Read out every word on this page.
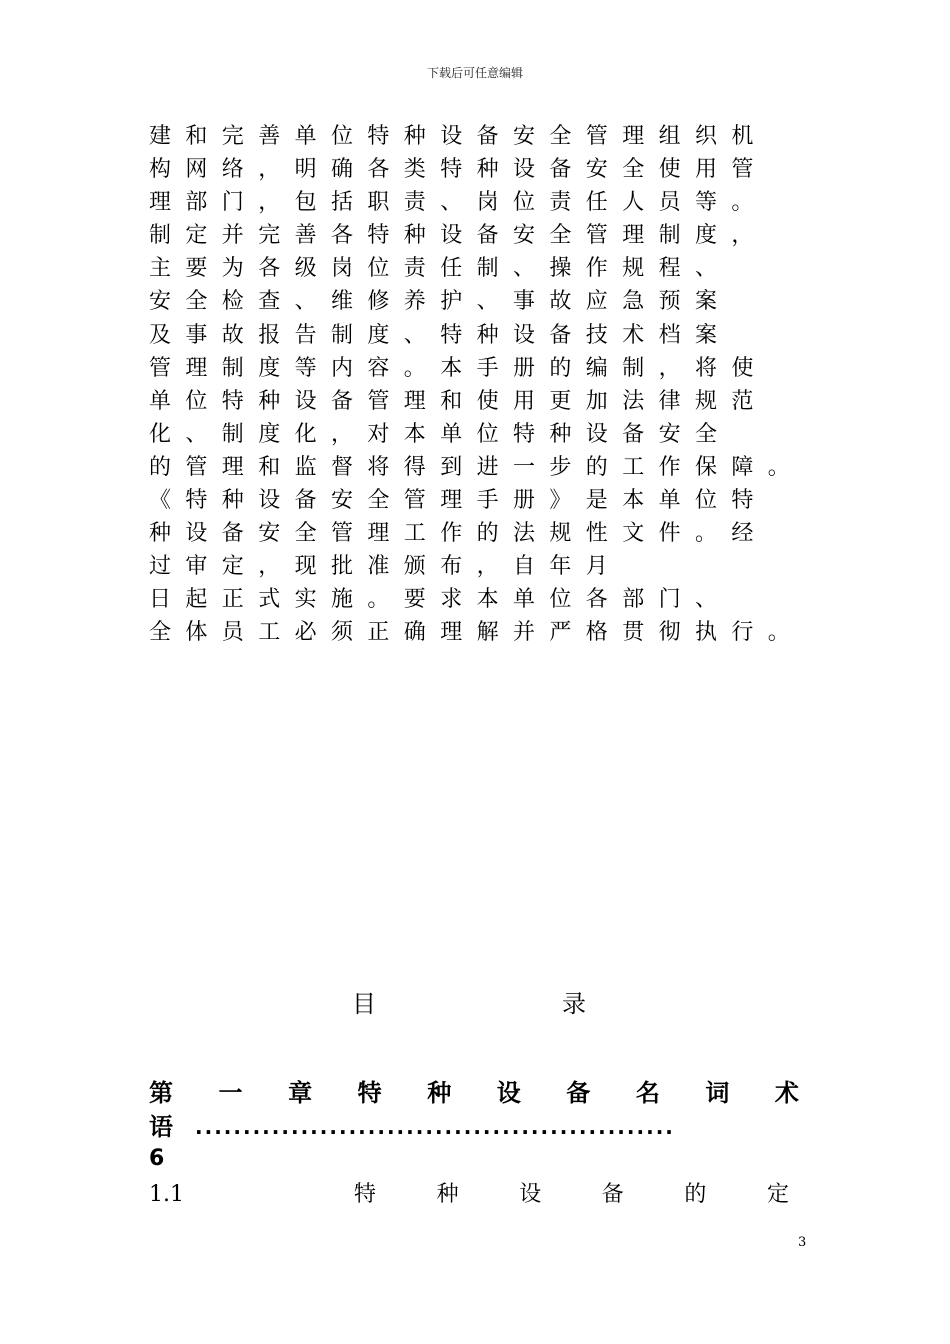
下载后可任意编辑
建 和 完 善 单 位 特 种 设 备 安 全 管 理 组 织 机
构 网 络 ， 明 确 各 类 特 种 设 备 安 全 使 用 管
理 部 门 ， 包 括 职 责 、 岗 位 责 任 人 员 等 。
制 定 并 完 善 各 特 种 设 备 安 全 管 理 制 度 ，
主 要 为 各 级 岗 位 责 任 制 、 操 作 规 程 、
安 全 检 查 、 维 修 养 护 、 事 故 应 急 预 案
及 事 故 报 告 制 度 、 特 种 设 备 技 术 档 案
管 理 制 度 等 内 容 。 本 手 册 的 编 制 ， 将 使
单 位 特 种 设 备 管 理 和 使 用 更 加 法 律 规 范
化 、 制 度 化 ， 对 本 单 位 特 种 设 备 安 全
的 管 理 和 监 督 将 得 到 进 一 步 的 工 作 保 障 。
《 特 种 设 备 安 全 管 理 手 册 》 是 本 单 位 特
种 设 备 安 全 管 理 工 作 的 法 规 性 文 件 。 经
过 审 定 ， 现 批 准 颁 布 ， 自 年 月
日 起 正 式 实 施 。 要 求 本 单 位 各 部 门 、
全 体 员 工 必 须 正 确 理 解 并 严 格 贯 彻 执 行 。
目	录
第 一 章 特 种 设 备 名 词 术
语 ..................................................
6
1.1	特	种	设	备	的	定
3
